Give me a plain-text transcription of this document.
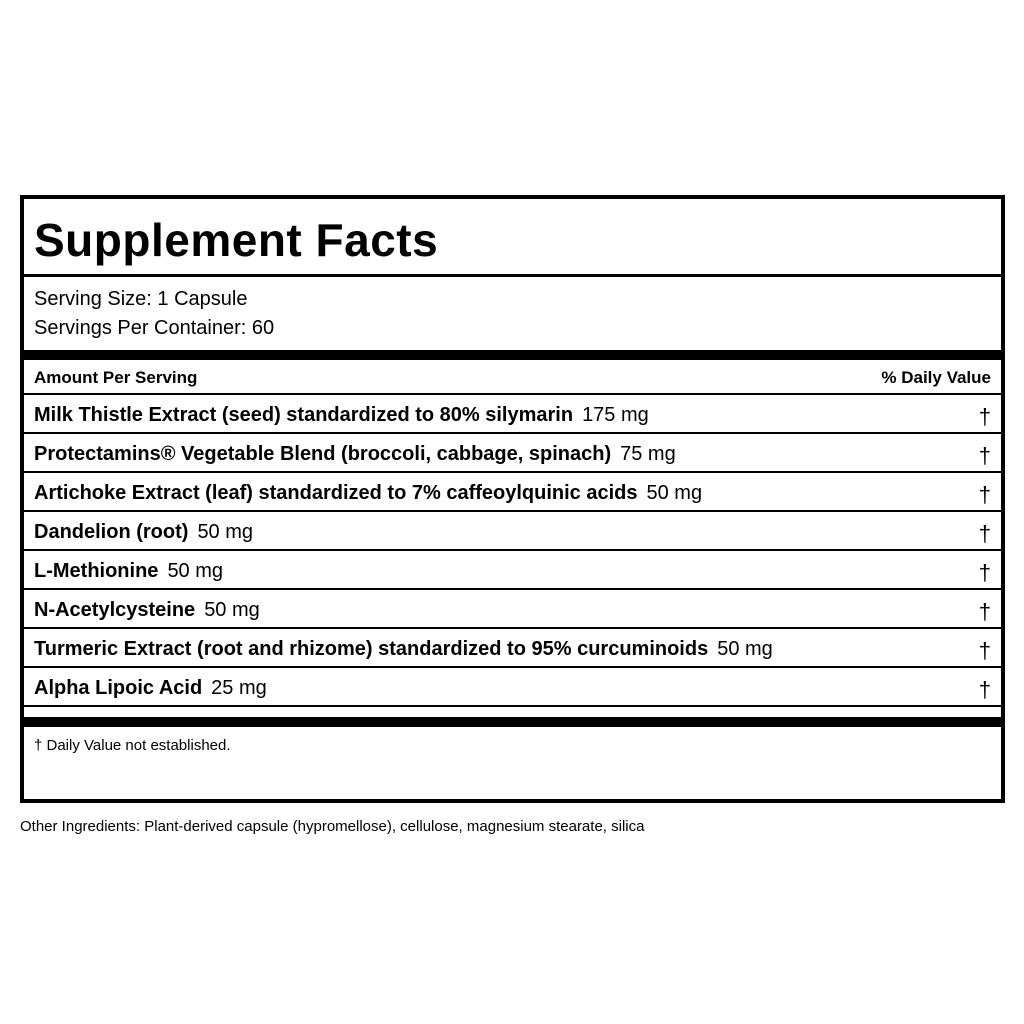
Supplement Facts
Serving Size: 1 Capsule
Servings Per Container: 60
Amount Per Serving	% Daily Value
Milk Thistle Extract (seed) standardized to 80% silymarin 175 mg	†
Protectamins® Vegetable Blend (broccoli, cabbage, spinach) 75 mg	†
Artichoke Extract (leaf) standardized to 7% caffeoylquinic acids 50 mg	†
Dandelion (root) 50 mg	†
L-Methionine 50 mg	†
N-Acetylcysteine 50 mg	†
Turmeric Extract (root and rhizome) standardized to 95% curcuminoids 50 mg	†
Alpha Lipoic Acid 25 mg	†
† Daily Value not established.
Other Ingredients: Plant-derived capsule (hypromellose), cellulose, magnesium stearate, silica
